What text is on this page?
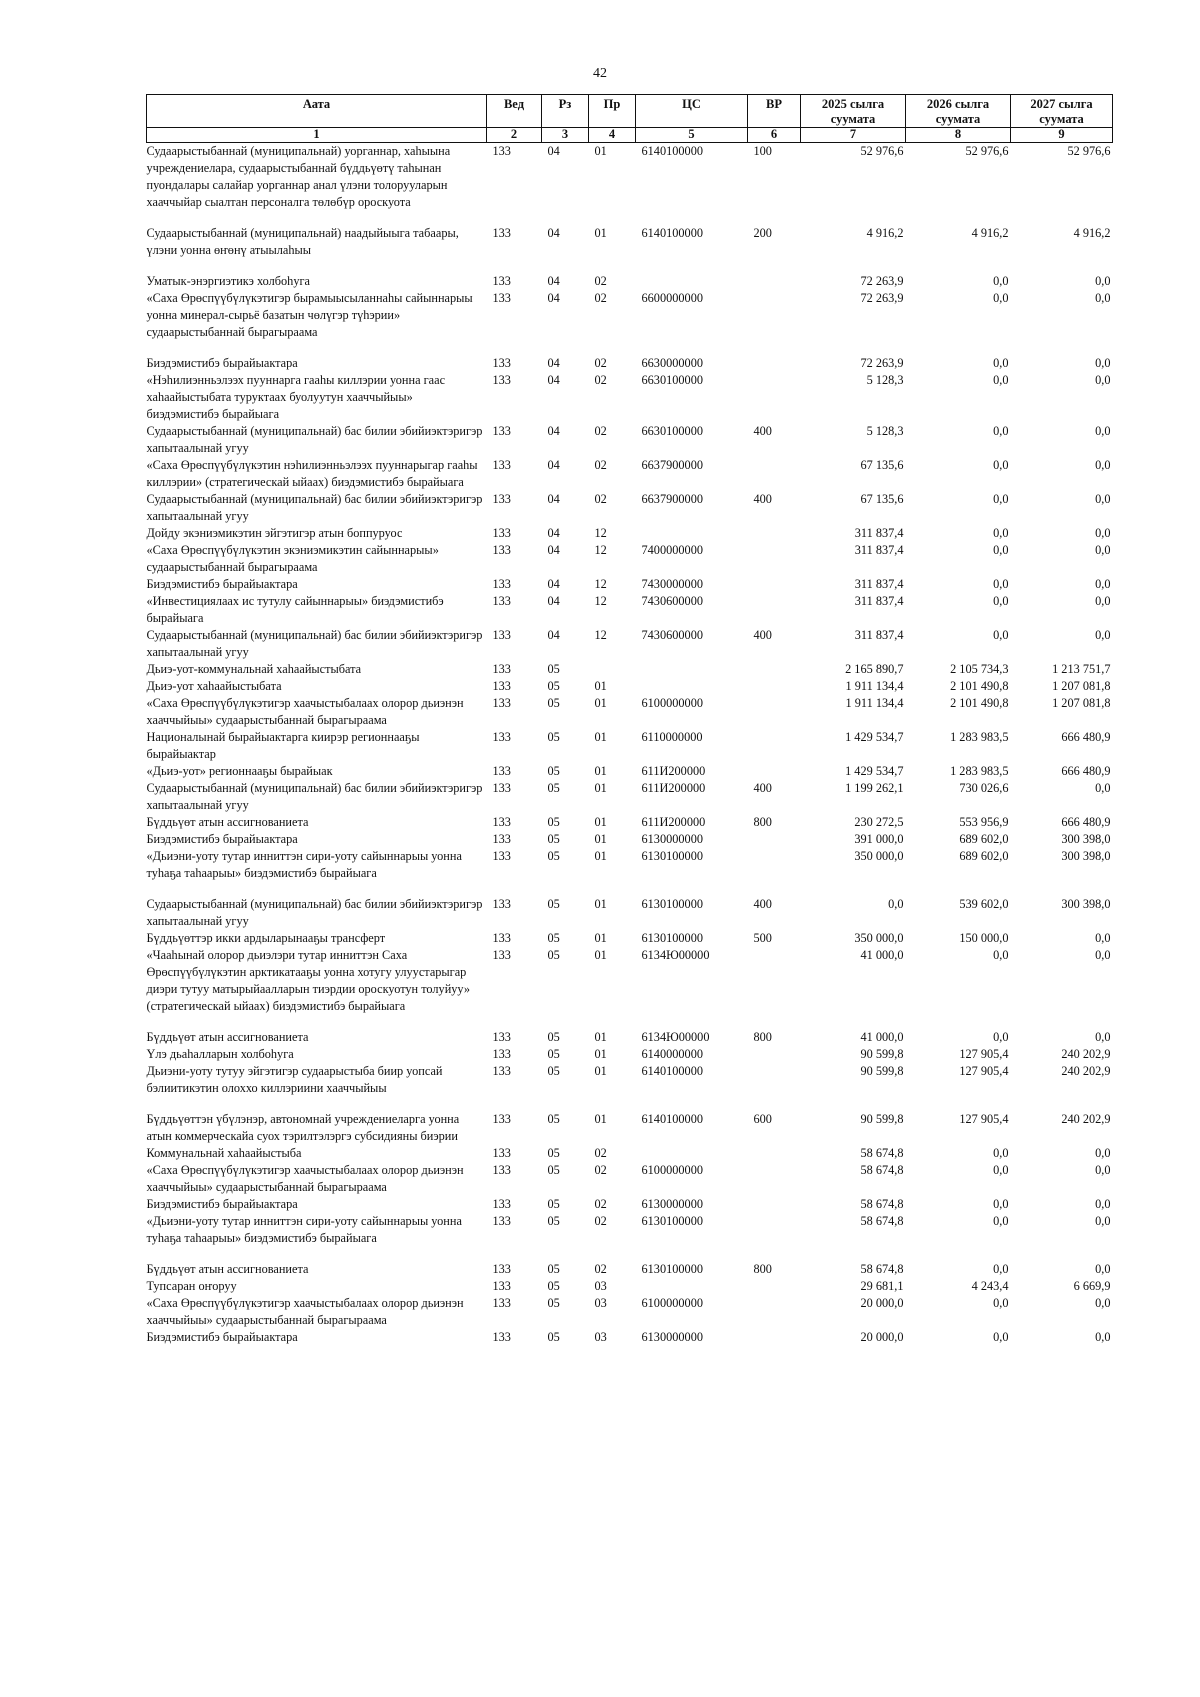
42
Аата	Вед	Рз	Пр	ЦС	ВР	2025 сылга суумата	2026 сылга суумата	2027 сылга суумата
1	2	3	4	5	6	7	8	9
Судаарыстыбаннай (муниципальнай) уорганнар, хаһыына учреждениелара, судаарыстыбаннай бүддьүөтү таһынан пуондалары салайар уорганнар анал үлэни толорууларын хааччыйар сыалтан персоналга төлөбүр ороскуота	133	04	01	6140100000	100	52 976,6	52 976,6	52 976,6
Судаарыстыбаннай (муниципальнай) наадыйыыга табаары, үлэни уонна өҥөнү атыылаһыы	133	04	01	6140100000	200	4 916,2	4 916,2	4 916,2
Уматык-энэргиэтикэ холбоһуга	133	04	02			72 263,9	0,0	0,0
«Саха Өрөспүүбүлүкэтигэр бырамыысыланнаһы сайыннарыы уонна минерал-сырьё базатын чөлүгэр түһэрии» судаарыстыбаннай бырагыраама	133	04	02	6600000000		72 263,9	0,0	0,0
Биэдэмистибэ бырайыактара	133	04	02	6630000000		72 263,9	0,0	0,0
«Нэһилиэнньэлээх пууннарга гааһы киллэрии уонна гаас хаһаайыстыбата туруктаах буолуутун хааччыйыы» биэдэмистибэ бырайыага	133	04	02	6630100000		5 128,3	0,0	0,0
Судаарыстыбаннай (муниципальнай) бас билии эбийиэктэригэр хапытаалынай угуу	133	04	02	6630100000	400	5 128,3	0,0	0,0
«Саха Өрөспүүбүлүкэтин нэһилиэнньэлээх пууннарыгар гааһы киллэрии» (стратегическай ыйаах) биэдэмистибэ бырайыага	133	04	02	6637900000		67 135,6	0,0	0,0
Судаарыстыбаннай (муниципальнай) бас билии эбийиэктэригэр хапытаалынай угуу	133	04	02	6637900000	400	67 135,6	0,0	0,0
Дойду экэниэмикэтин эйгэтигэр атын боппуруос	133	04	12			311 837,4	0,0	0,0
«Саха Өрөспүүбүлүкэтин экэниэмикэтин сайыннарыы» судаарыстыбаннай бырагыраама	133	04	12	7400000000		311 837,4	0,0	0,0
Биэдэмистибэ бырайыактара	133	04	12	7430000000		311 837,4	0,0	0,0
«Инвестициялаах ис тутулу сайыннарыы» биэдэмистибэ бырайыага	133	04	12	7430600000		311 837,4	0,0	0,0
Судаарыстыбаннай (муниципальнай) бас билии эбийиэктэригэр хапытаалынай угуу	133	04	12	7430600000	400	311 837,4	0,0	0,0
Дьиэ-уот-коммунальнай хаһаайыстыбата	133	05				2 165 890,7	2 105 734,3	1 213 751,7
Дьиэ-уот хаһаайыстыбата	133	05	01			1 911 134,4	2 101 490,8	1 207 081,8
«Саха Өрөспүүбүлүкэтигэр хаачыстыбалаах олорор дьиэнэн хааччыйыы» судаарыстыбаннай бырагыраама	133	05	01	6100000000		1 911 134,4	2 101 490,8	1 207 081,8
Националынай бырайыактарга киирэр регионнааҕы бырайыактар	133	05	01	6110000000		1 429 534,7	1 283 983,5	666 480,9
«Дьиэ-уот» регионнааҕы бырайыак	133	05	01	611И200000		1 429 534,7	1 283 983,5	666 480,9
Судаарыстыбаннай (муниципальнай) бас билии эбийиэктэригэр хапытаалынай угуу	133	05	01	611И200000	400	1 199 262,1	730 026,6	0,0
Бүддьүөт атын ассигнованиета	133	05	01	611И200000	800	230 272,5	553 956,9	666 480,9
Биэдэмистибэ бырайыактара	133	05	01	6130000000		391 000,0	689 602,0	300 398,0
«Дьиэни-уоту тутар инниттэн сири-уоту сайыннарыы уонна туһаҕа таһаарыы» биэдэмистибэ бырайыага	133	05	01	6130100000		350 000,0	689 602,0	300 398,0
Судаарыстыбаннай (муниципальнай) бас билии эбийиэктэригэр хапытаалынай угуу	133	05	01	6130100000	400	0,0	539 602,0	300 398,0
Бүддьүөттэр икки ардыларынааҕы трансферт	133	05	01	6130100000	500	350 000,0	150 000,0	0,0
«Чааһынай олорор дьиэлэри тутар инниттэн Саха Өрөспүүбүлүкэтин арктикатааҕы уонна хотугу улуустарыгар диэри тутуу матырыйаалларын тиэрдии ороскуотун толуйуу» (стратегическай ыйаах) биэдэмистибэ бырайыага	133	05	01	6134Ю00000		41 000,0	0,0	0,0
Бүддьүөт атын ассигнованиета	133	05	01	6134Ю00000	800	41 000,0	0,0	0,0
Үлэ дьаһалларын холбоһуга	133	05	01	6140000000		90 599,8	127 905,4	240 202,9
Дьиэни-уоту тутуу эйгэтигэр судаарыстыба биир уопсай бэлиитикэтин олоххо киллэриини хааччыйыы	133	05	01	6140100000		90 599,8	127 905,4	240 202,9
Бүддьүөттэн үбүлэнэр, автономнай учреждениеларга уонна атын коммерческайа суох тэрилтэлэргэ субсидияны биэрии	133	05	01	6140100000	600	90 599,8	127 905,4	240 202,9
Коммунальнай хаһаайыстыба	133	05	02			58 674,8	0,0	0,0
«Саха Өрөспүүбүлүкэтигэр хаачыстыбалаах олорор дьиэнэн хааччыйыы» судаарыстыбаннай бырагыраама	133	05	02	6100000000		58 674,8	0,0	0,0
Биэдэмистибэ бырайыактара	133	05	02	6130000000		58 674,8	0,0	0,0
«Дьиэни-уоту тутар инниттэн сири-уоту сайыннарыы уонна туһаҕа таһаарыы» биэдэмистибэ бырайыага	133	05	02	6130100000		58 674,8	0,0	0,0
Бүддьүөт атын ассигнованиета	133	05	02	6130100000	800	58 674,8	0,0	0,0
Тупсаран оҥоруу	133	05	03			29 681,1	4 243,4	6 669,9
«Саха Өрөспүүбүлүкэтигэр хаачыстыбалаах олорор дьиэнэн хааччыйыы» судаарыстыбаннай бырагыраама	133	05	03	6100000000		20 000,0	0,0	0,0
Биэдэмистибэ бырайыактара	133	05	03	6130000000		20 000,0	0,0	0,0
